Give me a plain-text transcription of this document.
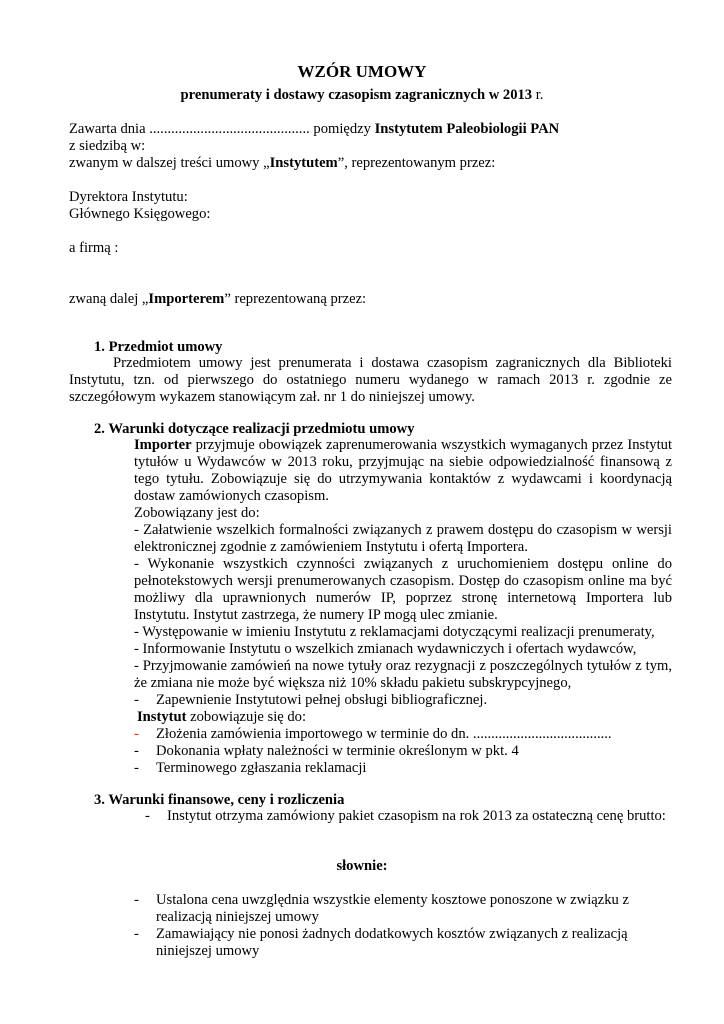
WZÓR UMOWY
prenumeraty i dostawy czasopism zagranicznych w 2013 r.
Zawarta dnia ............................................ pomiędzy Instytutem Paleobiologii PAN
z siedzibą w:
zwanym w dalszej treści umowy „Instytutem”, reprezentowanym przez:
Dyrektora Instytutu:
Głównego Księgowego:
a firmą :
zwaną dalej „Importerem” reprezentowaną przez:
1. Przedmiot umowy
Przedmiotem umowy jest prenumerata i dostawa czasopism zagranicznych dla Biblioteki
Instytutu, tzn. od pierwszego do ostatniego numeru wydanego w ramach 2013 r. zgodnie ze
szczegółowym wykazem stanowiącym zał. nr 1 do niniejszej umowy.
2. Warunki dotyczące realizacji przedmiotu umowy
Importer przyjmuje obowiązek zaprenumerowania wszystkich wymaganych przez Instytut
tytułów u Wydawców w 2013 roku, przyjmując na siebie odpowiedzialność finansową z
tego tytułu. Zobowiązuje się do utrzymywania kontaktów z wydawcami i koordynacją
dostaw zamówionych czasopism.
Zobowiązany jest do:
- Załatwienie wszelkich formalności związanych z prawem dostępu do czasopism w wersji
elektronicznej zgodnie z zamówieniem Instytutu i ofertą Importera.
- Wykonanie wszystkich czynności związanych z uruchomieniem dostępu online do
pełnotekstowych wersji prenumerowanych czasopism. Dostęp do czasopism online ma być
możliwy dla uprawnionych numerów IP, poprzez stronę internetową Importera lub
Instytutu. Instytut zastrzega, że numery IP mogą ulec zmianie.
- Występowanie w imieniu Instytutu z reklamacjami dotyczącymi realizacji prenumeraty,
- Informowanie Instytutu o wszelkich zmianach wydawniczych i ofertach wydawców,
- Przyjmowanie zamówień na nowe tytuły oraz rezygnacji z poszczególnych tytułów z tym,
że zmiana nie może być większa niż 10% składu pakietu subskrypcyjnego,
- Zapewnienie Instytutowi pełnej obsługi bibliograficznej.
Instytut zobowiązuje się do:
- Złożenia zamówienia importowego w terminie do dn. ......................................
- Dokonania wpłaty należności w terminie określonym w pkt. 4
- Terminowego zgłaszania reklamacji
3. Warunki finansowe, ceny i rozliczenia
- Instytut otrzyma zamówiony pakiet czasopism na rok 2013 za ostateczną cenę brutto:
słownie:
- Ustalona cena uwzględnia wszystkie elementy kosztowe ponoszone w związku z
realizacją niniejszej umowy
- Zamawiający nie ponosi żadnych dodatkowych kosztów związanych z realizacją
niniejszej umowy
